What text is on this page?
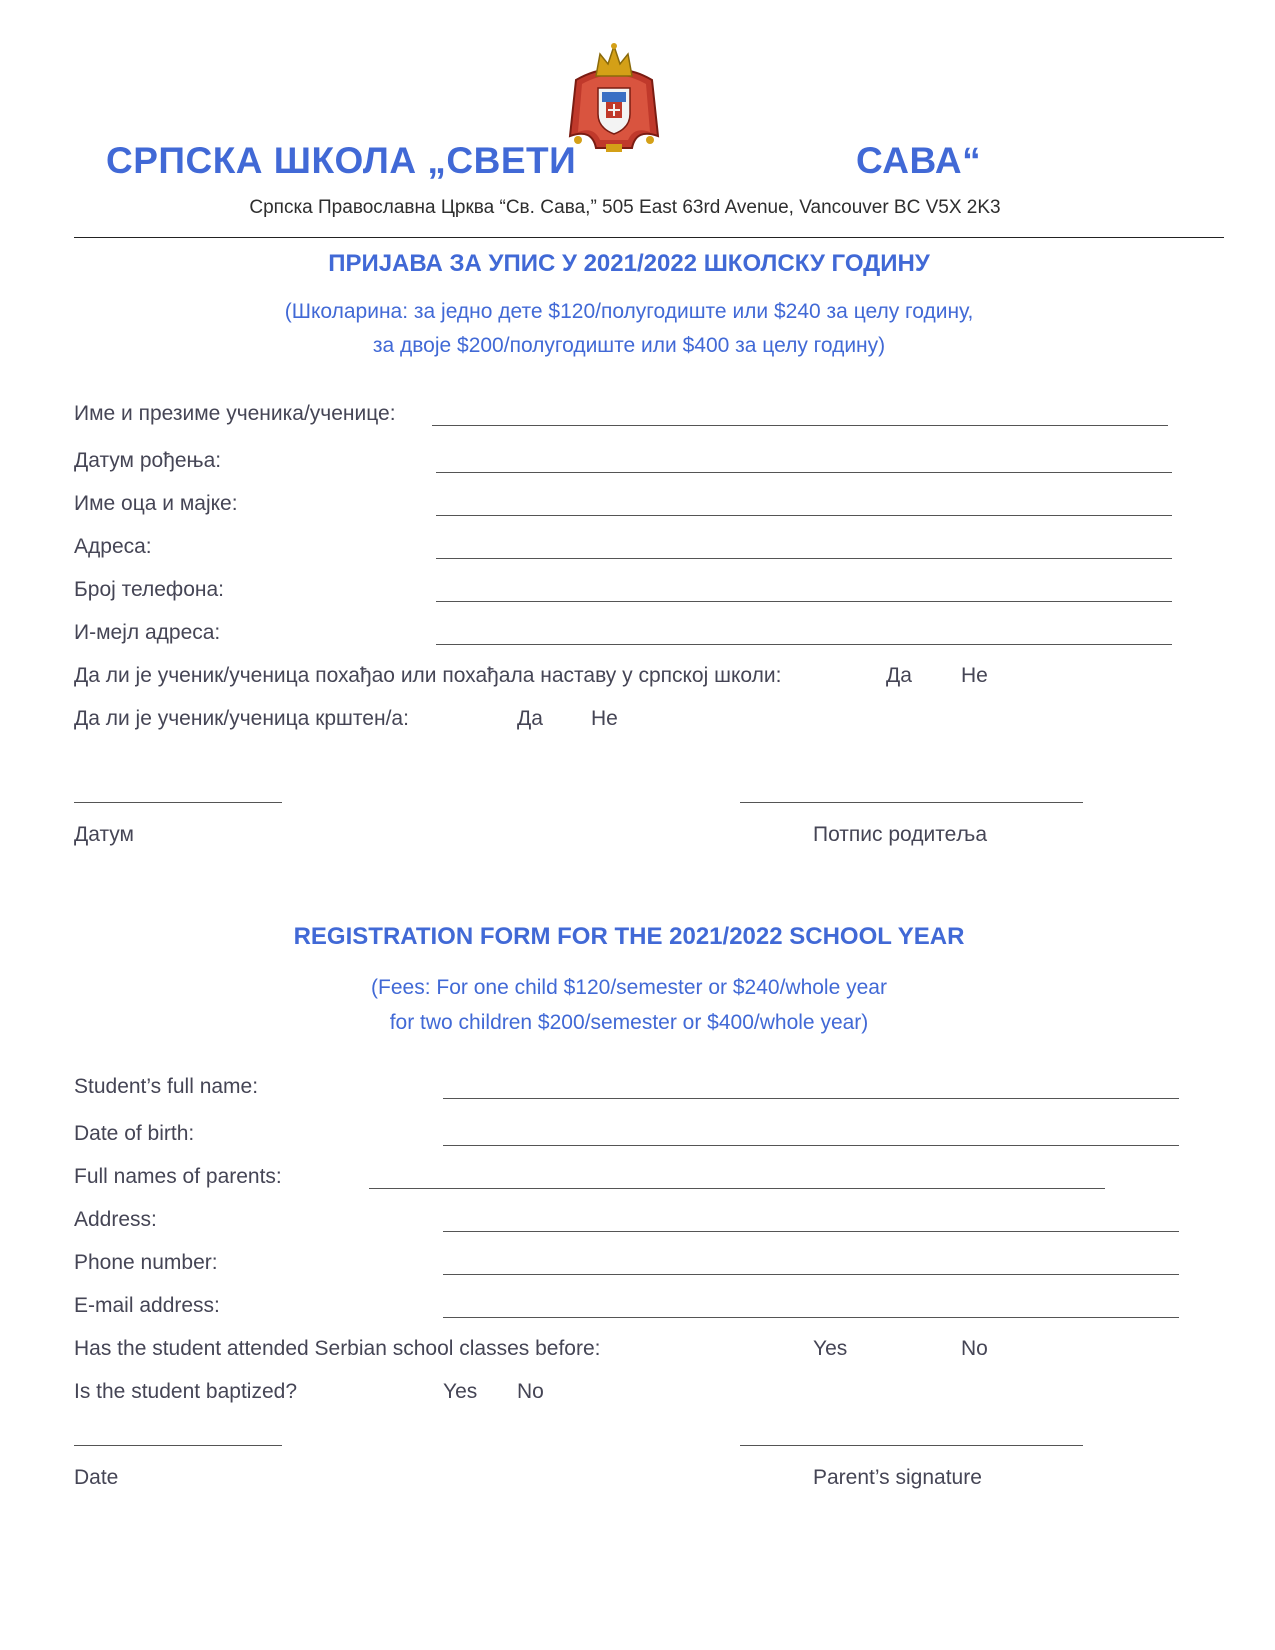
СРПСКА ШКОЛА „СВЕТИ	САВА“
Српска Православна Црква “Св. Сава,” 505 East 63rd Avenue, Vancouver BC V5X 2K3
ПРИЈАВА ЗА УПИС У 2021/2022 ШКОЛСКУ ГОДИНУ
(Школарина: за једно дете $120/полугодиште или $240 за целу годину,
за двоје $200/полугодиште или $400 за целу годину)
Име и презиме ученика/ученице:
Датум рођења:
Име оца и мајке:
Адреса:
Број телефона:
И-мејл адреса:
Да ли је ученик/ученица похађао или похађала наставу у српској школи:	Да Не
Да ли је ученик/ученица крштен/а:	Да Не
Датум	Потпис родитеља
REGISTRATION FORM FOR THE 2021/2022 SCHOOL YEAR
(Fees: For one child $120/semester or $240/whole year
for two children $200/semester or $400/whole year)
Student’s full name:
Date of birth:
Full names of parents:
Address:
Phone number:
E-mail address:
Has the student attended Serbian school classes before:	Yes	No
Is the student baptized?	Yes No
Date	Parent’s signature
